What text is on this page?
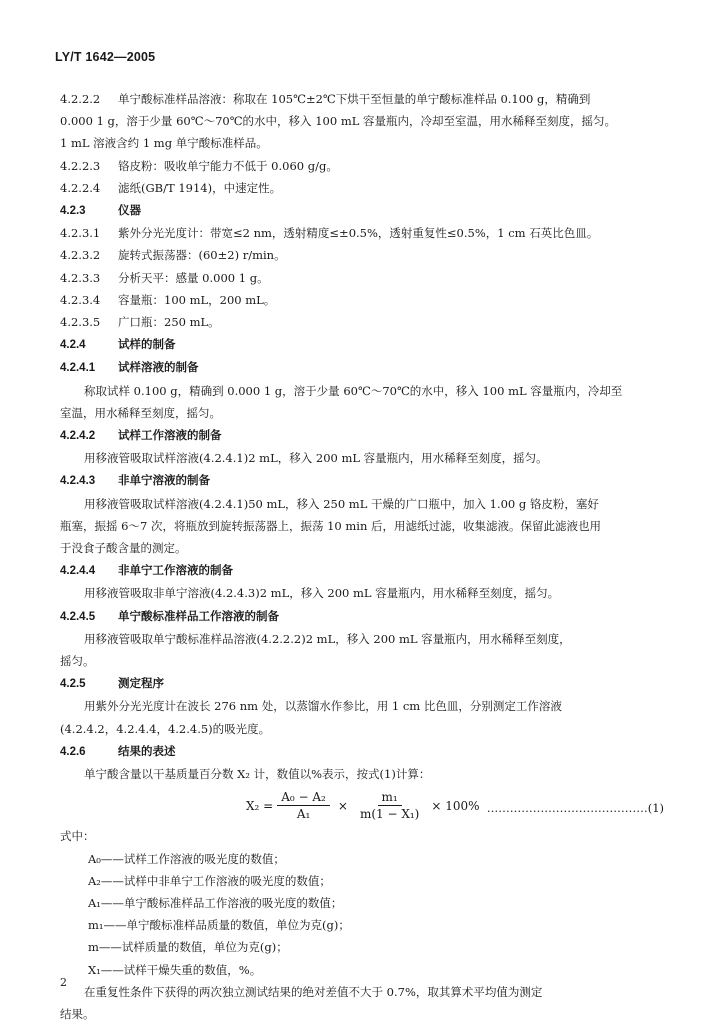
LY/T 1642—2005
4.2.2.2 单宁酸标准样品溶液：称取在 105℃±2℃下烘干至恒量的单宁酸标准样品 0.100 g，精确到
0.000 1 g，溶于少量 60℃～70℃的水中，移入 100 mL 容量瓶内，冷却至室温，用水稀释至刻度，摇匀。
1 mL 溶液含约 1 mg 单宁酸标准样品。
4.2.2.3 铬皮粉：吸收单宁能力不低于 0.060 g/g。
4.2.2.4 滤纸(GB/T 1914)，中速定性。
4.2.3	仪器
4.2.3.1 紫外分光光度计：带宽≤2 nm，透射精度≤±0.5%，透射重复性≤0.5%，1 cm 石英比色皿。
4.2.3.2 旋转式振荡器：(60±2) r/min。
4.2.3.3 分析天平：感量 0.000 1 g。
4.2.3.4 容量瓶：100 mL，200 mL。
4.2.3.5 广口瓶：250 mL。
4.2.4	试样的制备
4.2.4.1 试样溶液的制备
称取试样 0.100 g，精确到 0.000 1 g，溶于少量 60℃～70℃的水中，移入 100 mL 容量瓶内，冷却至
室温，用水稀释至刻度，摇匀。
4.2.4.2 试样工作溶液的制备
用移液管吸取试样溶液(4.2.4.1)2 mL，移入 200 mL 容量瓶内，用水稀释至刻度，摇匀。
4.2.4.3 非单宁溶液的制备
用移液管吸取试样溶液(4.2.4.1)50 mL，移入 250 mL 干燥的广口瓶中，加入 1.00 g 铬皮粉，塞好
瓶塞，振摇 6～7 次，将瓶放到旋转振荡器上，振荡 10 min 后，用滤纸过滤，收集滤液。保留此滤液也用
于没食子酸含量的测定。
4.2.4.4 非单宁工作溶液的制备
用移液管吸取非单宁溶液(4.2.4.3)2 mL，移入 200 mL 容量瓶内，用水稀释至刻度，摇匀。
4.2.4.5 单宁酸标准样品工作溶液的制备
用移液管吸取单宁酸标准样品溶液(4.2.2.2)2 mL，移入 200 mL 容量瓶内，用水稀释至刻度，
摇匀。
4.2.5	测定程序
用紫外分光光度计在波长 276 nm 处，以蒸馏水作参比，用 1 cm 比色皿，分别测定工作溶液
(4.2.4.2，4.2.4.4，4.2.4.5)的吸光度。
4.2.6	结果的表述
单宁酸含量以干基质量百分数 X₂ 计，数值以%表示，按式(1)计算：
$X_2 = \frac{\text{A₀ − A₂}}{\text{A₁}} \times \frac{\text{m₁}}{\text{m(1 − X₁)}} \times 100\%$ ……………………………………(1)
式中：
A₀——试样工作溶液的吸光度的数值；
A₂——试样中非单宁工作溶液的吸光度的数值；
A₁——单宁酸标准样品工作溶液的吸光度的数值；
m₁——单宁酸标准样品质量的数值，单位为克(g)；
m——试样质量的数值，单位为克(g)；
X₁——试样干燥失重的数值，%。
在重复性条件下获得的两次独立测试结果的绝对差值不大于 0.7%，取其算术平均值为测定
结果。
2
